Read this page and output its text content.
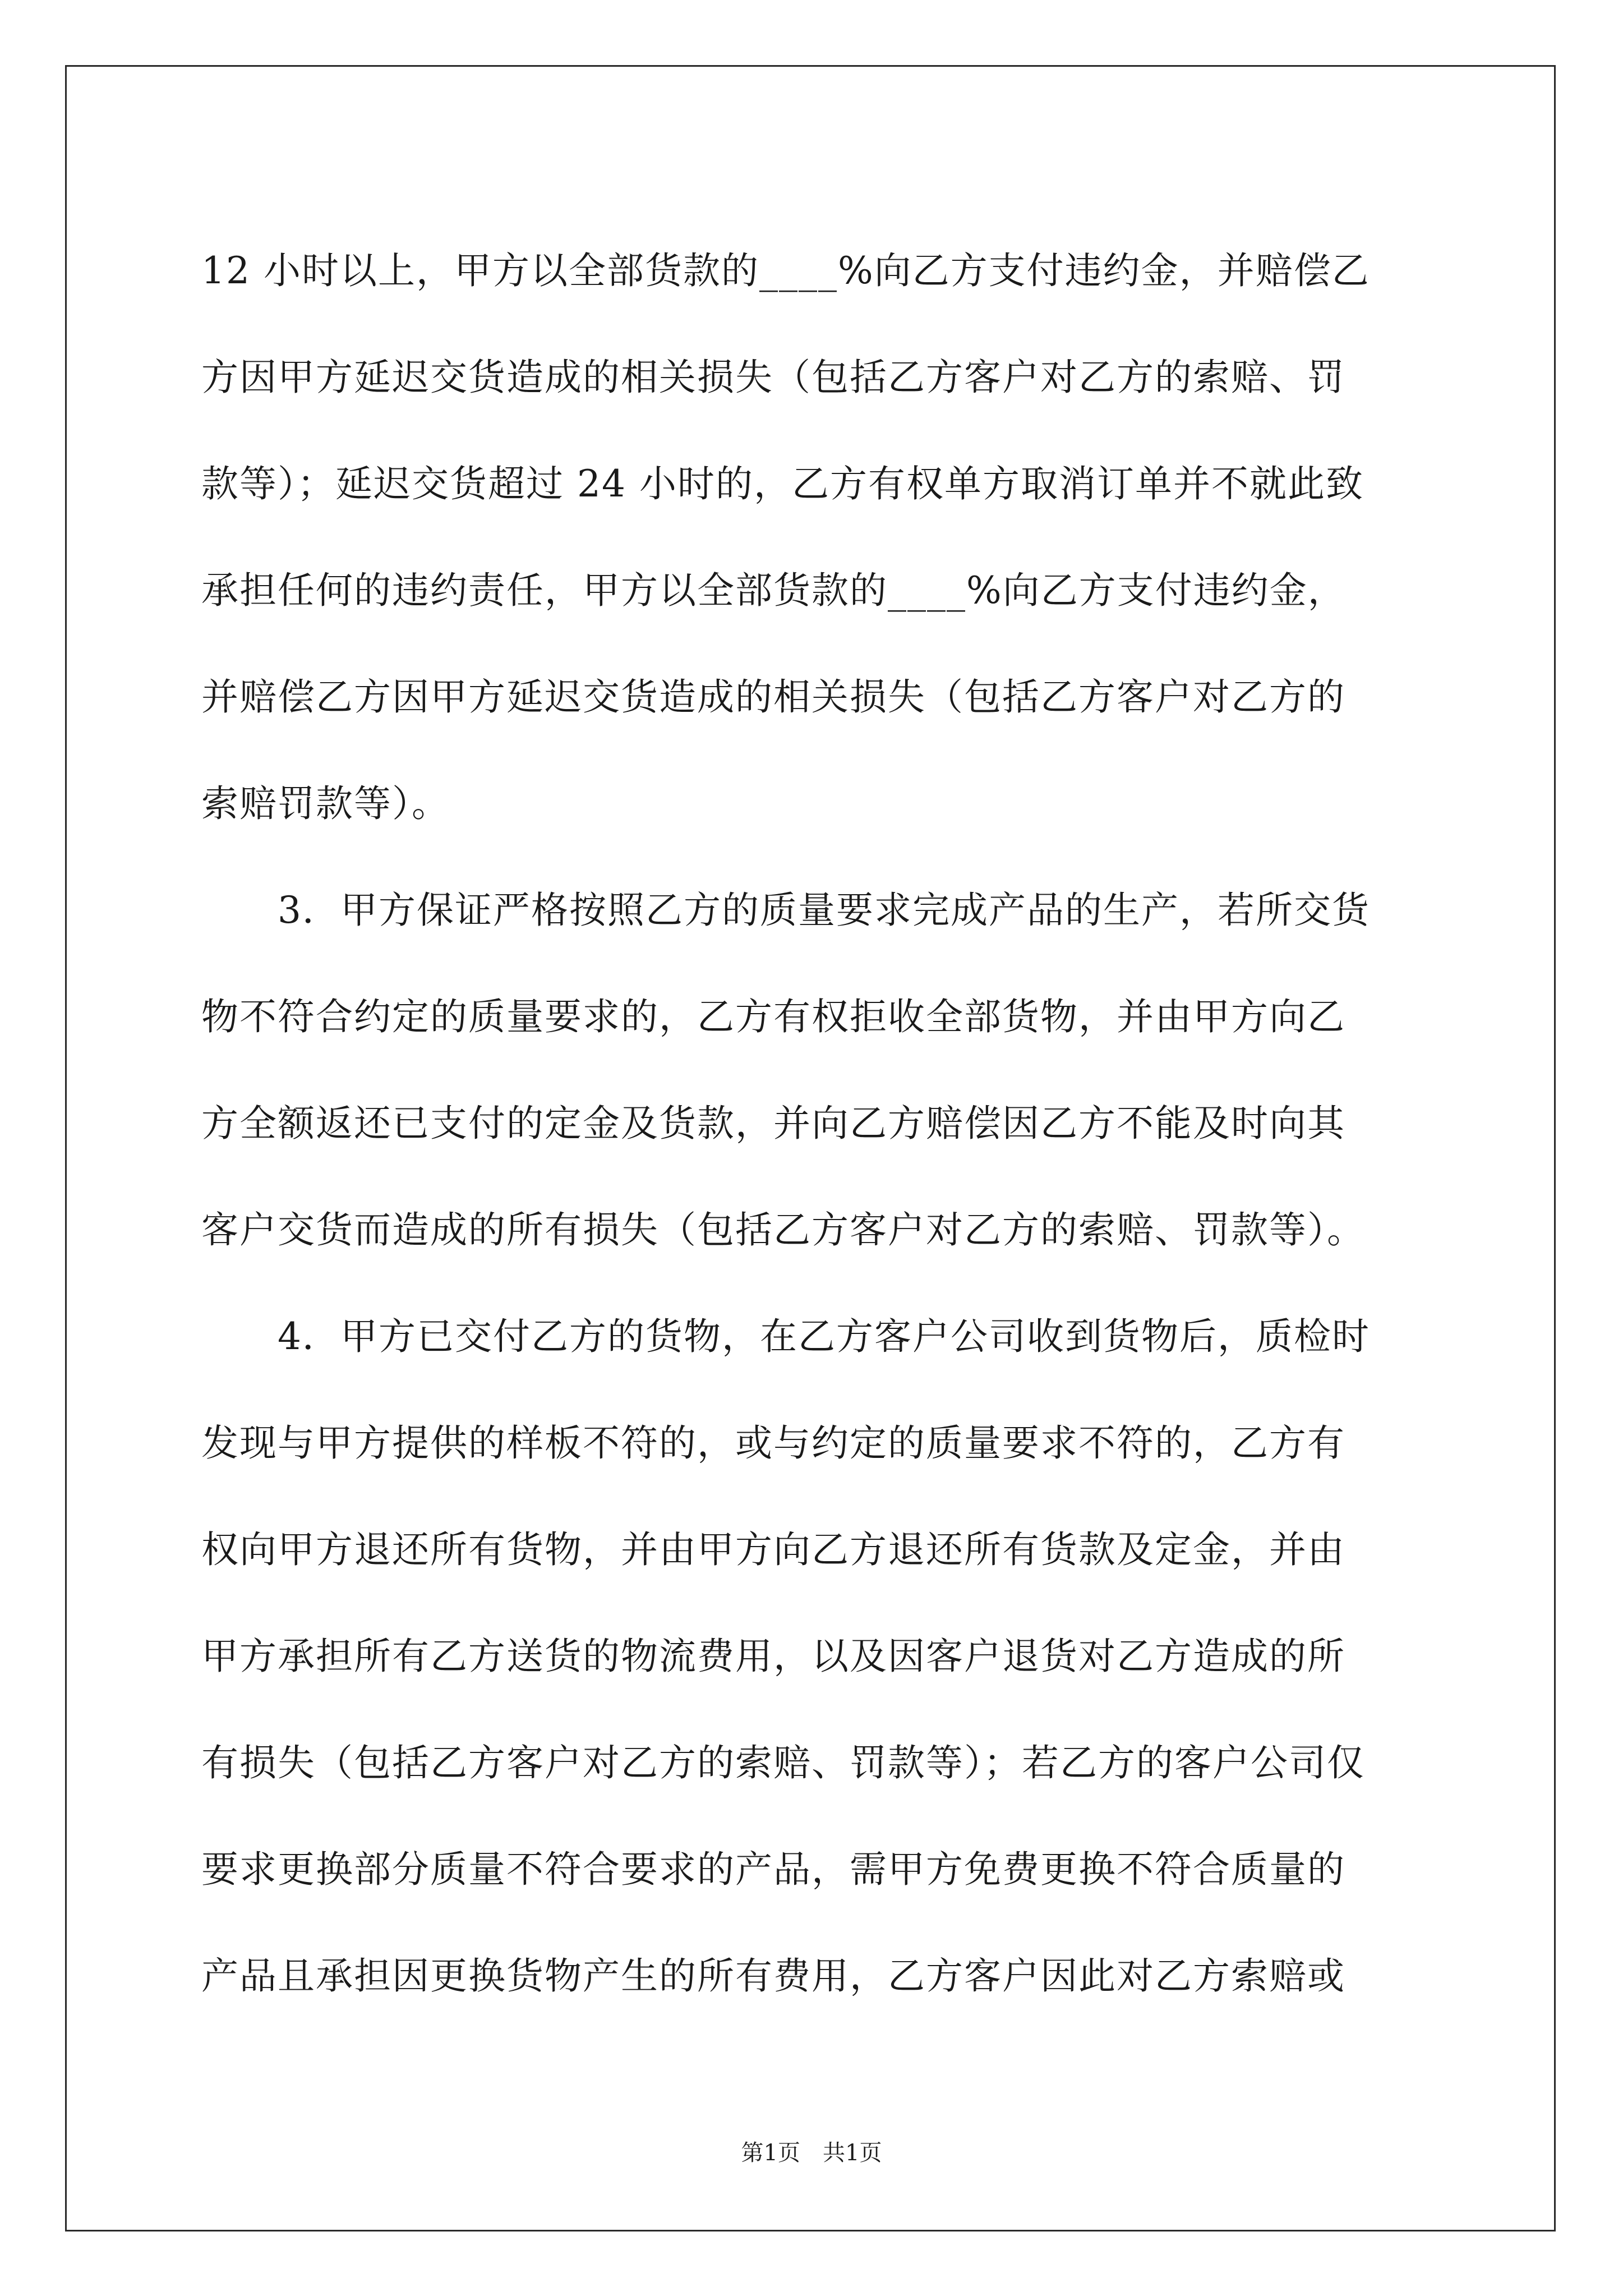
12 小时以上，甲方以全部货款的____%向乙方支付违约金，并赔偿乙
方因甲方延迟交货造成的相关损失（包括乙方客户对乙方的索赔、罚
款等）；延迟交货超过 24 小时的，乙方有权单方取消订单并不就此致
承担任何的违约责任，甲方以全部货款的____%向乙方支付违约金，
并赔偿乙方因甲方延迟交货造成的相关损失（包括乙方客户对乙方的
索赔罚款等）。
　　3．甲方保证严格按照乙方的质量要求完成产品的生产，若所交货
物不符合约定的质量要求的，乙方有权拒收全部货物，并由甲方向乙
方全额返还已支付的定金及货款，并向乙方赔偿因乙方不能及时向其
客户交货而造成的所有损失（包括乙方客户对乙方的索赔、罚款等）。
　　4．甲方已交付乙方的货物，在乙方客户公司收到货物后，质检时
发现与甲方提供的样板不符的，或与约定的质量要求不符的，乙方有
权向甲方退还所有货物，并由甲方向乙方退还所有货款及定金，并由
甲方承担所有乙方送货的物流费用，以及因客户退货对乙方造成的所
有损失（包括乙方客户对乙方的索赔、罚款等）；若乙方的客户公司仅
要求更换部分质量不符合要求的产品，需甲方免费更换不符合质量的
产品且承担因更换货物产生的所有费用，乙方客户因此对乙方索赔或
第1页　共1页
